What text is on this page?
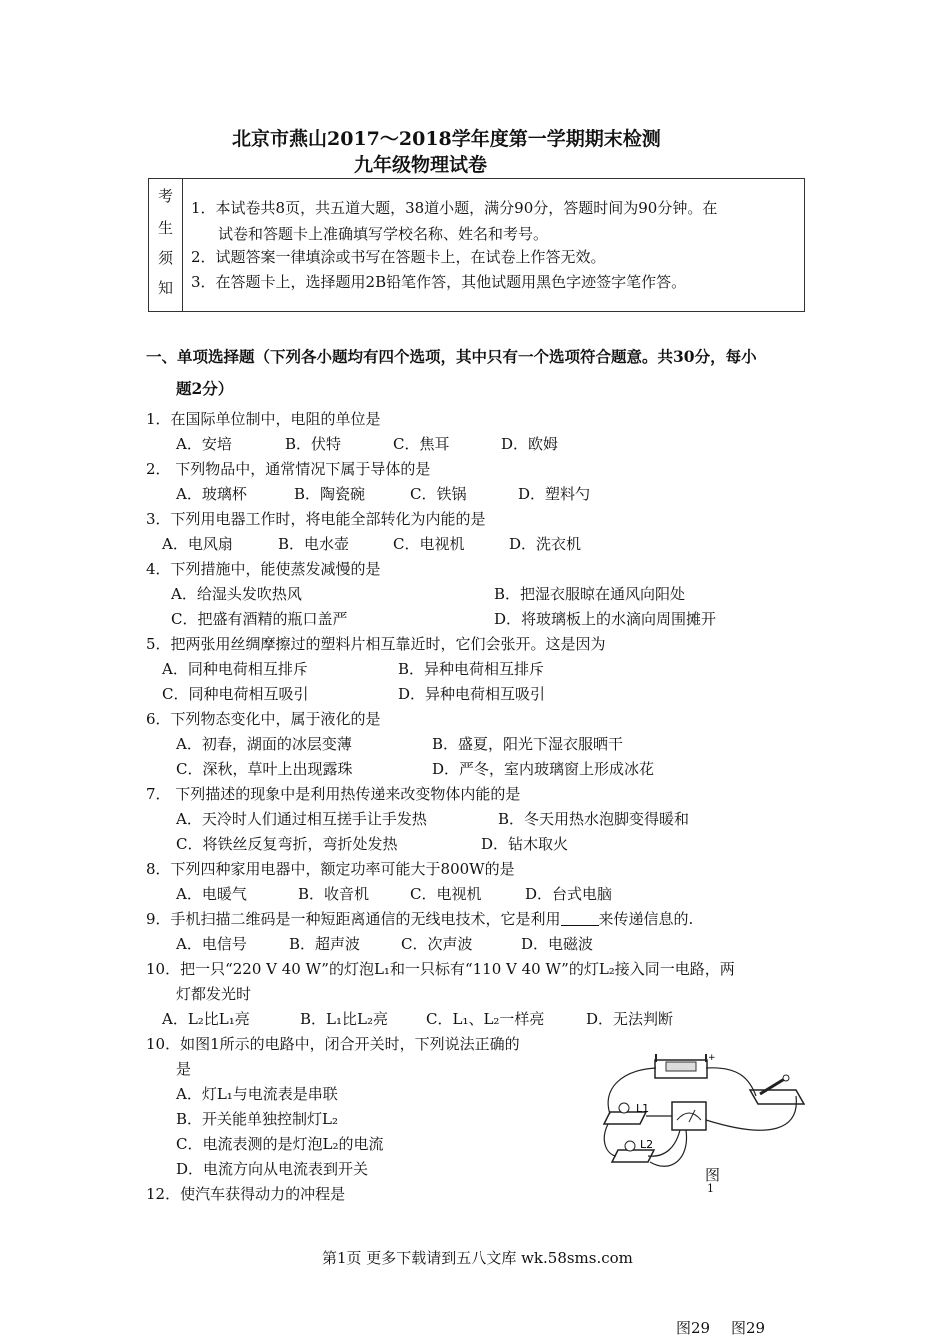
北京市燕山2017～2018学年度第一学期期末检测
九年级物理试卷
考
生
须
知
1．本试卷共8页，共五道大题，38道小题，满分90分，答题时间为90分钟。在
试卷和答题卡上准确填写学校名称、姓名和考号。
2．试题答案一律填涂或书写在答题卡上，在试卷上作答无效。
3．在答题卡上，选择题用2B铅笔作答，其他试题用黑色字迹签字笔作答。
一、单项选择题（下列各小题均有四个选项，其中只有一个选项符合题意。共30分，每小
题2分）
1．在国际单位制中，电阻的单位是
A．安培	B．伏特	C．焦耳	D．欧姆
2． 下列物品中，通常情况下属于导体的是
A．玻璃杯	B．陶瓷碗	C．铁锅	D．塑料勺
3．下列用电器工作时，将电能全部转化为内能的是
A．电风扇	B．电水壶	C．电视机	D．洗衣机
4．下列措施中，能使蒸发减慢的是
A．给湿头发吹热风	B．把湿衣服晾在通风向阳处
C．把盛有酒精的瓶口盖严	D．将玻璃板上的水滴向周围摊开
5．把两张用丝绸摩擦过的塑料片相互靠近时，它们会张开。这是因为
A．同种电荷相互排斥	B．异种电荷相互排斥
C．同种电荷相互吸引	D．异种电荷相互吸引
6．下列物态变化中，属于液化的是
A．初春，湖面的冰层变薄	B．盛夏，阳光下湿衣服晒干
C．深秋，草叶上出现露珠	D．严冬，室内玻璃窗上形成冰花
7． 下列描述的现象中是利用热传递来改变物体内能的是
A．天冷时人们通过相互搓手让手发热	B．冬天用热水泡脚变得暖和
C．将铁丝反复弯折，弯折处发热	D．钻木取火
8．下列四种家用电器中，额定功率可能大于800W的是
A．电暖气	B．收音机	C．电视机	D．台式电脑
9．手机扫描二维码是一种短距离通信的无线电技术，它是利用	来传递信息的.
A．电信号	B．超声波	C．次声波	D．电磁波
10．把一只“220 V 40 W”的灯泡L₁和一只标有“110 V 40 W”的灯L₂接入同一电路，两
灯都发光时
A．L₂比L₁亮	B．L₁比L₂亮	C．L₁、L₂一样亮	D．无法判断
10．如图1所示的电路中，闭合开关时，下列说法正确的
是
A．灯L₁与电流表是串联
B．开关能单独控制灯L₂
C．电流表测的是灯泡L₂的电流
D．电流方向从电流表到开关
12．使汽车获得动力的冲程是
+
L1
L2
图
1
第1页 更多下载请到五八文库 wk.58sms.com
图29 图29
